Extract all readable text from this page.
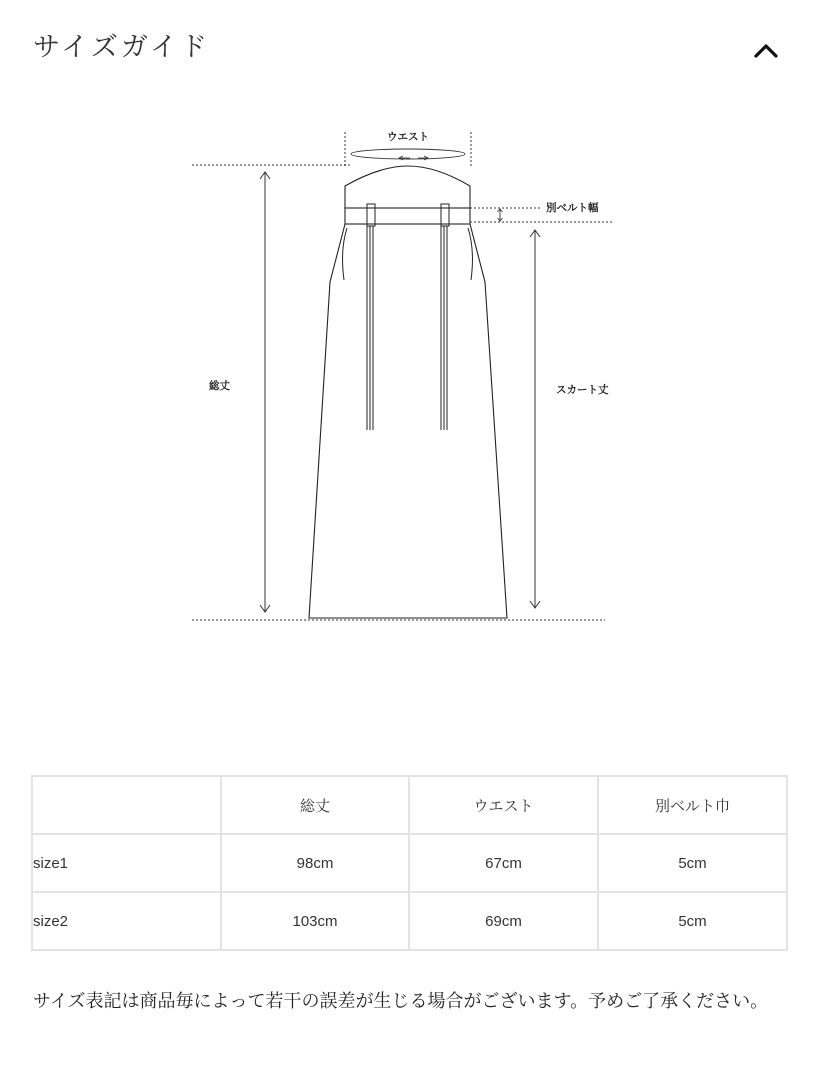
サイズガイド
ウエスト
別ベルト幅
総丈	スカート丈
	総丈	ウエスト	別ベルト巾
size1	98cm	67cm	5cm
size2	103cm	69cm	5cm
サイズ表記は商品毎によって若干の誤差が生じる場合がございます。予めご了承ください。
